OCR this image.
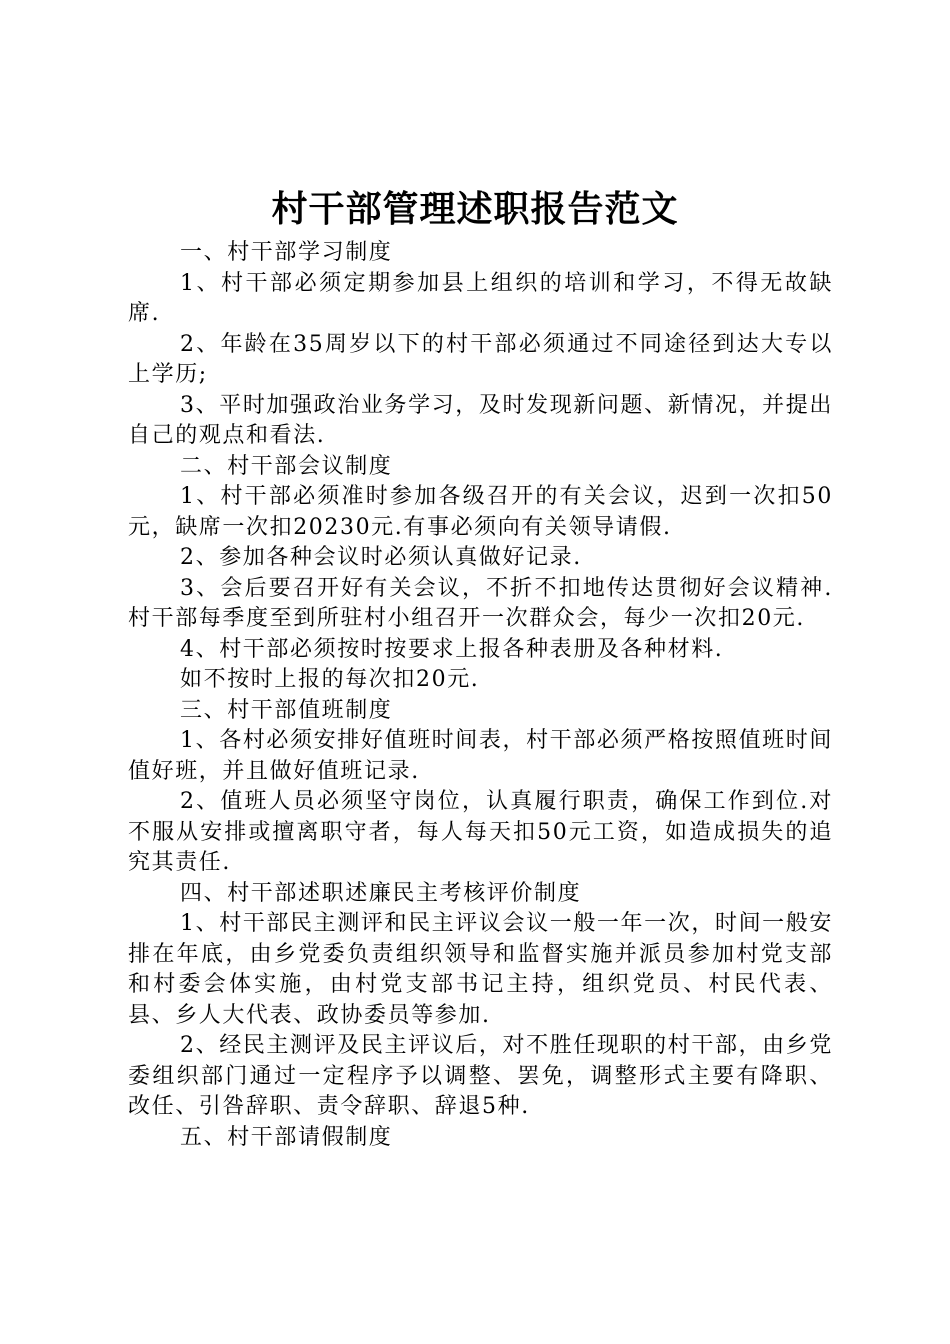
村干部管理述职报告范文

一、村干部学习制度

1、村干部必须定期参加县上组织的培训和学习，不得无故缺席.

2、年龄在35周岁以下的村干部必须通过不同途径到达大专以上学历;

3、平时加强政治业务学习，及时发现新问题、新情况，并提出自己的观点和看法.

二、村干部会议制度

1、村干部必须准时参加各级召开的有关会议，迟到一次扣50元，缺席一次扣20230元.有事必须向有关领导请假.

2、参加各种会议时必须认真做好记录.

3、会后要召开好有关会议，不折不扣地传达贯彻好会议精神.村干部每季度至到所驻村小组召开一次群众会，每少一次扣20元.

4、村干部必须按时按要求上报各种表册及各种材料.

如不按时上报的每次扣20元.

三、村干部值班制度

1、各村必须安排好值班时间表，村干部必须严格按照值班时间值好班，并且做好值班记录.

2、值班人员必须坚守岗位，认真履行职责，确保工作到位.对不服从安排或擅离职守者，每人每天扣50元工资，如造成损失的追究其责任.

四、村干部述职述廉民主考核评价制度

1、村干部民主测评和民主评议会议一般一年一次，时间一般安排在年底，由乡党委负责组织领导和监督实施并派员参加村党支部和村委会体实施，由村党支部书记主持，组织党员、村民代表、县、乡人大代表、政协委员等参加.

2、经民主测评及民主评议后，对不胜任现职的村干部，由乡党委组织部门通过一定程序予以调整、罢免，调整形式主要有降职、改任、引咎辞职、责令辞职、辞退5种.

五、村干部请假制度
